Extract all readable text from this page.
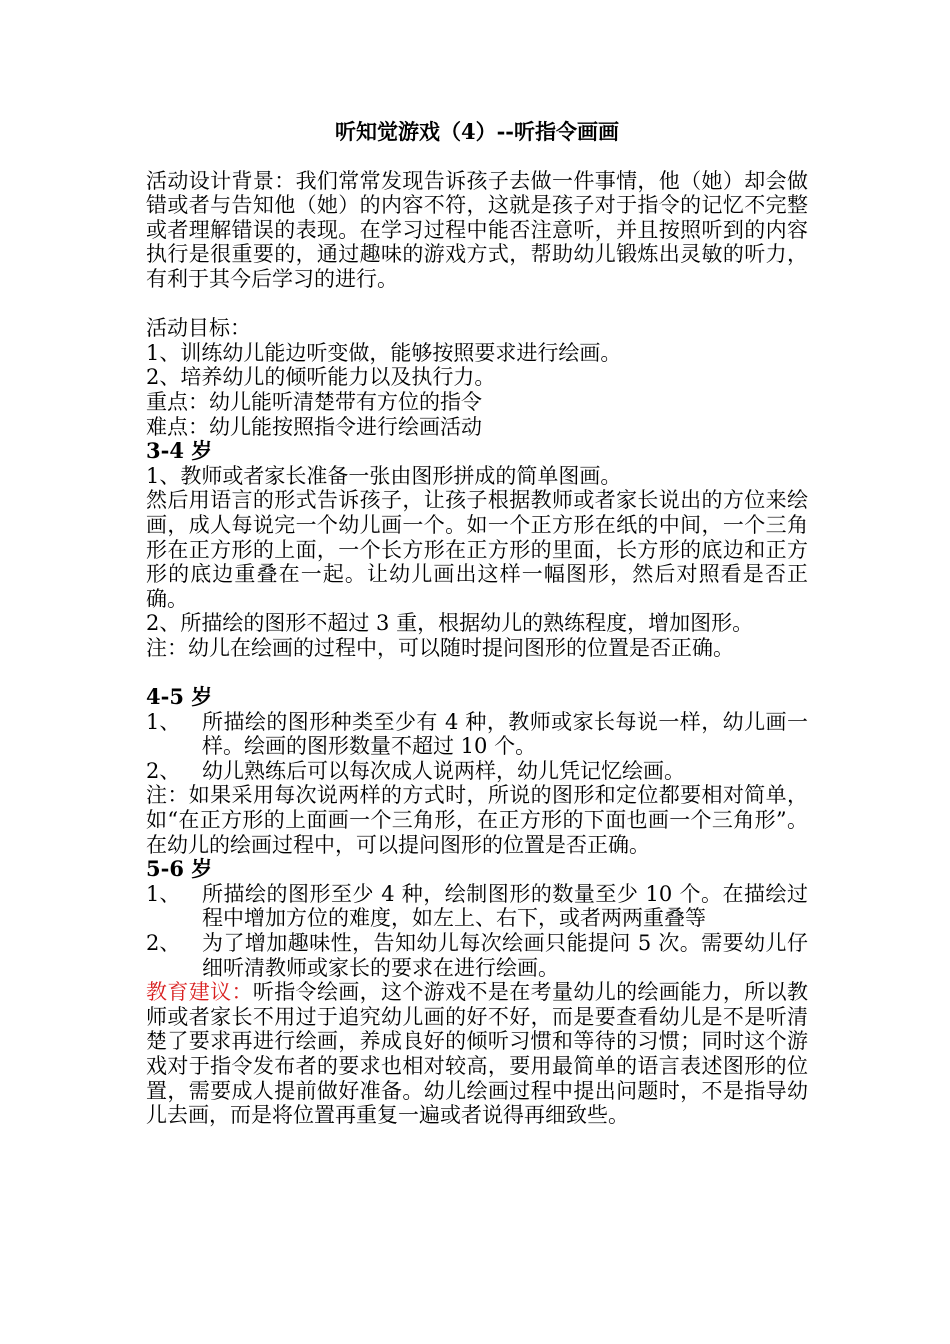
听知觉游戏（4）--听指令画画

活动设计背景：我们常常发现告诉孩子去做一件事情，他（她）却会做错或者与告知他（她）的内容不符，这就是孩子对于指令的记忆不完整或者理解错误的表现。在学习过程中能否注意听，并且按照听到的内容执行是很重要的，通过趣味的游戏方式，帮助幼儿锻炼出灵敏的听力，有利于其今后学习的进行。

活动目标：

1、训练幼儿能边听变做，能够按照要求进行绘画。

2、培养幼儿的倾听能力以及执行力。

重点：幼儿能听清楚带有方位的指令

难点：幼儿能按照指令进行绘画活动

3-4 岁

1、教师或者家长准备一张由图形拼成的简单图画。

然后用语言的形式告诉孩子，让孩子根据教师或者家长说出的方位来绘画，成人每说完一个幼儿画一个。如一个正方形在纸的中间，一个三角形在正方形的上面，一个长方形在正方形的里面，长方形的底边和正方形的底边重叠在一起。让幼儿画出这样一幅图形，然后对照看是否正确。

2、所描绘的图形不超过 3 重，根据幼儿的熟练程度，增加图形。

注：幼儿在绘画的过程中，可以随时提问图形的位置是否正确。

4-5 岁

1、	所描绘的图形种类至少有 4 种，教师或家长每说一样，幼儿画一样。绘画的图形数量不超过 10 个。
2、	幼儿熟练后可以每次成人说两样，幼儿凭记忆绘画。

注：如果采用每次说两样的方式时，所说的图形和定位都要相对简单，如“在正方形的上面画一个三角形，在正方形的下面也画一个三角形”。在幼儿的绘画过程中，可以提问图形的位置是否正确。

5-6 岁

1、	所描绘的图形至少 4 种，绘制图形的数量至少 10 个。在描绘过程中增加方位的难度，如左上、右下，或者两两重叠等
2、	为了增加趣味性，告知幼儿每次绘画只能提问 5 次。需要幼儿仔细听清教师或家长的要求在进行绘画。

教育建议：听指令绘画，这个游戏不是在考量幼儿的绘画能力，所以教师或者家长不用过于追究幼儿画的好不好，而是要查看幼儿是不是听清楚了要求再进行绘画，养成良好的倾听习惯和等待的习惯；同时这个游戏对于指令发布者的要求也相对较高，要用最简单的语言表述图形的位置，需要成人提前做好准备。幼儿绘画过程中提出问题时，不是指导幼儿去画，而是将位置再重复一遍或者说得再细致些。
